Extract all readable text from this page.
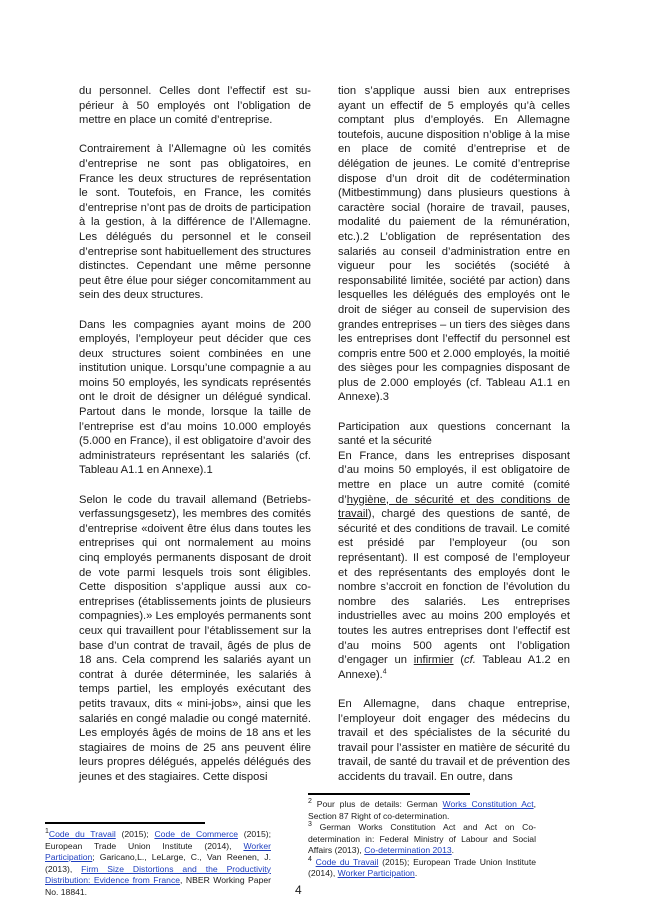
du personnel. Celles dont l’effectif est supérieur à 50 employés ont l’obligation de mettre en place un comité d’entreprise.

Contrairement à l’Allemagne où les comités d’entreprise ne sont pas obligatoires, en France les deux structures de représentation le sont. Toutefois, en France, les comités d’entreprise n’ont pas de droits de participation à la gestion, à la différence de l’Allemagne. Les délégués du personnel et le conseil d’entreprise sont habituellement des structures distinctes. Cependant une même personne peut être élue pour siéger concomitamment au sein des deux structures.

Dans les compagnies ayant moins de 200 employés, l’employeur peut décider que ces deux structures soient combinées en une institution unique. Lorsqu’une compagnie a au moins 50 employés, les syndicats représentés ont le droit de désigner un délégué syndical. Partout dans le monde, lorsque la taille de l’entreprise est d’au moins 10.000 employés (5.000 en France), il est obligatoire d’avoir des administrateurs représentant les salariés (cf. Tableau A1.1 en Annexe).1

Selon le code du travail allemand (Betriebsverfassungsgesetz), les membres des comités d’entreprise «doivent être élus dans toutes les entreprises qui ont normalement au moins cinq employés permanents disposant de droit de vote parmi lesquels trois sont éligibles. Cette disposition s’applique aussi aux co-entreprises (établissements joints de plusieurs compagnies).» Les employés permanents sont ceux qui travaillent pour l’établissement sur la base d’un contrat de travail, âgés de plus de 18 ans. Cela comprend les salariés ayant un contrat à durée déterminée, les salariés à temps partiel, les employés exécutant des petits travaux, dits « mini-jobs», ainsi que les salariés en congé maladie ou congé maternité. Les employés âgés de moins de 18 ans et les stagiaires de moins de 25 ans peuvent élire leurs propres délégués, appelés délégués des jeunes et des stagiaires. Cette disposi

tion s’applique aussi bien aux entreprises ayant un effectif de 5 employés qu’à celles comptant plus d’employés. En Allemagne toutefois, aucune disposition n’oblige à la mise en place de comité d’entreprise et de délégation de jeunes. Le comité d’entreprise dispose d’un droit dit de codétermination (Mitbestimmung) dans plusieurs questions à caractère social (horaire de travail, pauses, modalité du paiement de la rémunération, etc.).2 L’obligation de représentation des salariés au conseil d’administration entre en vigueur pour les sociétés (société à responsabilité limitée, société par action) dans lesquelles les délégués des employés ont le droit de siéger au conseil de supervision des grandes entreprises – un tiers des sièges dans les entreprises dont l’effectif du personnel est compris entre 500 et 2.000 employés, la moitié des sièges pour les compagnies disposant de plus de 2.000 employés (cf. Tableau A1.1 en Annexe).3

Participation aux questions concernant la santé et la sécurité

En France, dans les entreprises disposant d’au moins 50 employés, il est obligatoire de mettre en place un autre comité (comité d’hygiène, de sécurité et des conditions de travail), chargé des questions de santé, de sécurité et des conditions de travail. Le comité est présidé par l’employeur (ou son représentant). Il est composé de l’employeur et des représentants des employés dont le nombre s’accroit en fonction de l’évolution du nombre des salariés. Les entreprises industrielles avec au moins 200 employés et toutes les autres entreprises dont l’effectif est d’au moins 500 agents ont l’obligation d’engager un infirmier (cf. Tableau A1.2 en Annexe).$^4$

En Allemagne, dans chaque entreprise, l’employeur doit engager des médecins du travail et des spécialistes de la sécurité du travail pour l’assister en matière de sécurité du travail, de santé du travail et de prévention des accidents du travail. En outre, dans

$^1$Code du Travail (2015); Code de Commerce (2015); European Trade Union Institute (2014), Worker Participation; Garicano,L., LeLarge, C., Van Reenen, J. (2013), Firm Size Distortions and the Productivity Distribution: Evidence from France, NBER Working Paper No. 18841.

$^2$ Pour plus de details: German Works Constitution Act, Section 87 Right of co-determination.

$^3$ German Works Constitution Act and Act on Co-determination in: Federal Ministry of Labour and Social Affairs (2013), Co-determination 2013.

$^4$ Code du Travail (2015); European Trade Union Institute (2014), Worker Participation.

4
